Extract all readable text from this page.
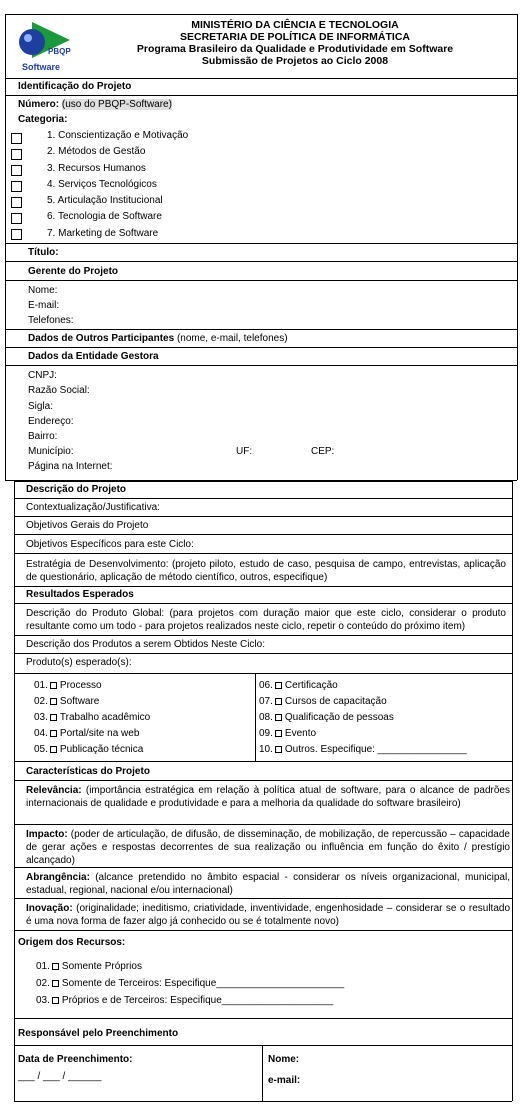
PBQP
Software
MINISTÉRIO DA CIÊNCIA E TECNOLOGIA
SECRETARIA DE POLÍTICA DE INFORMÁTICA
Programa Brasileiro da Qualidade e Produtividade em Software
Submissão de Projetos ao Ciclo 2008
Identificação do Projeto
Número: (uso do PBQP-Software)
Categoria:
1. Conscientização e Motivação
2. Métodos de Gestão
3. Recursos Humanos
4. Serviços Tecnológicos
5. Articulação Institucional
6. Tecnologia de Software
7. Marketing de Software
Título:
Gerente do Projeto
Nome:
E-mail:
Telefones:
Dados de Outros Participantes (nome, e-mail, telefones)
Dados da Entidade Gestora
CNPJ:
Razão Social:
Sigla:
Endereço:
Bairro:
Município:	UF:	CEP:
Página na Internet:
Descrição do Projeto
Contextualização/Justificativa:
Objetivos Gerais do Projeto
Objetivos Específicos para este Ciclo:
Estratégia de Desenvolvimento: (projeto piloto, estudo de caso, pesquisa de campo, entrevistas, aplicação de questionário, aplicação de método científico, outros, especifique)
Resultados Esperados
Descrição do Produto Global: (para projetos com duração maior que este ciclo, considerar o produto resultante como um todo - para projetos realizados neste ciclo, repetir o conteúdo do próximo item)
Descrição dos Produtos a serem Obtidos Neste Ciclo:
Produto(s) esperado(s):
01. Processo
02. Software
03. Trabalho acadêmico
04. Portal/site na web
05. Publicação técnica
06. Certificação
07. Cursos de capacitação
08. Qualificação de pessoas
09. Evento
10. Outros. Especifique: ________________
Características do Projeto
Relevância: (importância estratégica em relação à política atual de software, para o alcance de padrões internacionais de qualidade e produtividade e para a melhoria da qualidade do software brasileiro)
Impacto: (poder de articulação, de difusão, de disseminação, de mobilização, de repercussão – capacidade de gerar ações e respostas decorrentes de sua realização ou influência em função do êxito / prestígio alcançado)
Abrangência: (alcance pretendido no âmbito espacial - considerar os níveis organizacional, municipal, estadual, regional, nacional e/ou internacional)
Inovação: (originalidade; ineditismo, criatividade, inventividade, engenhosidade – considerar se o resultado é uma nova forma de fazer algo já conhecido ou se é totalmente novo)
Origem dos Recursos:
01. Somente Próprios
02. Somente de Terceiros: Especifique_______________________
03. Próprios e de Terceiros: Especifique____________________
Responsável pelo Preenchimento
Data de Preenchimento:
___ / ___ / ______
Nome:
e-mail:
